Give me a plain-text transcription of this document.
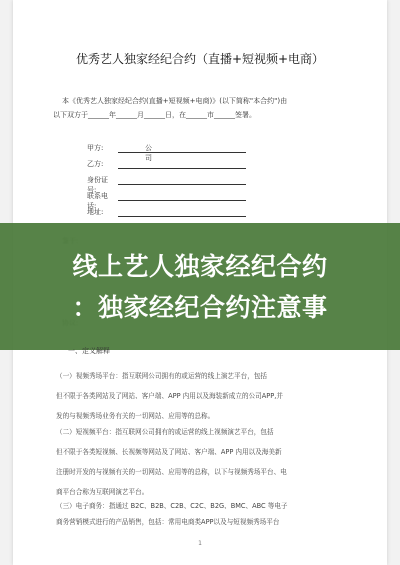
优秀艺人独家经纪合约（直播+短视频+电商）
本《优秀艺人独家经纪合约(直播+短视频+电商)》(以下简称"本合约")由
以下双方于______年______月______日，在______市______签署。
甲方:	公司
乙方:
身份证号:
联系电话:
地址:
线上艺人独家经纪合约
：独家经纪合约注意事
一、定义解释
（一）视频秀场平台：指互联网公司拥有的或运营的线上演艺平台，包括
但不限于各类网站及了网站、客户端、APP 内用以及海装新成立的公司APP,并
发的与视频秀场业务有关的一切网站、应用等的总称。
（二）短视频平台：指互联网公司拥有的或运营的线上视频演艺平台，包括
但不限于各类短视频、长视频等网站及了网站、客户端、APP 内用以及海美新
注册时开发的与视频有关的一切网站、应用等的总称，以下与视频秀场平台、电
商平台合称为互联网演艺平台。
（三）电子商务：指通过 B2C、B2B、C2B、C2C、B2G、BMC、ABC 等电子
商务营销模式进行的产品销售，包括：常用电商类APP以及与短视频秀场平台
1
